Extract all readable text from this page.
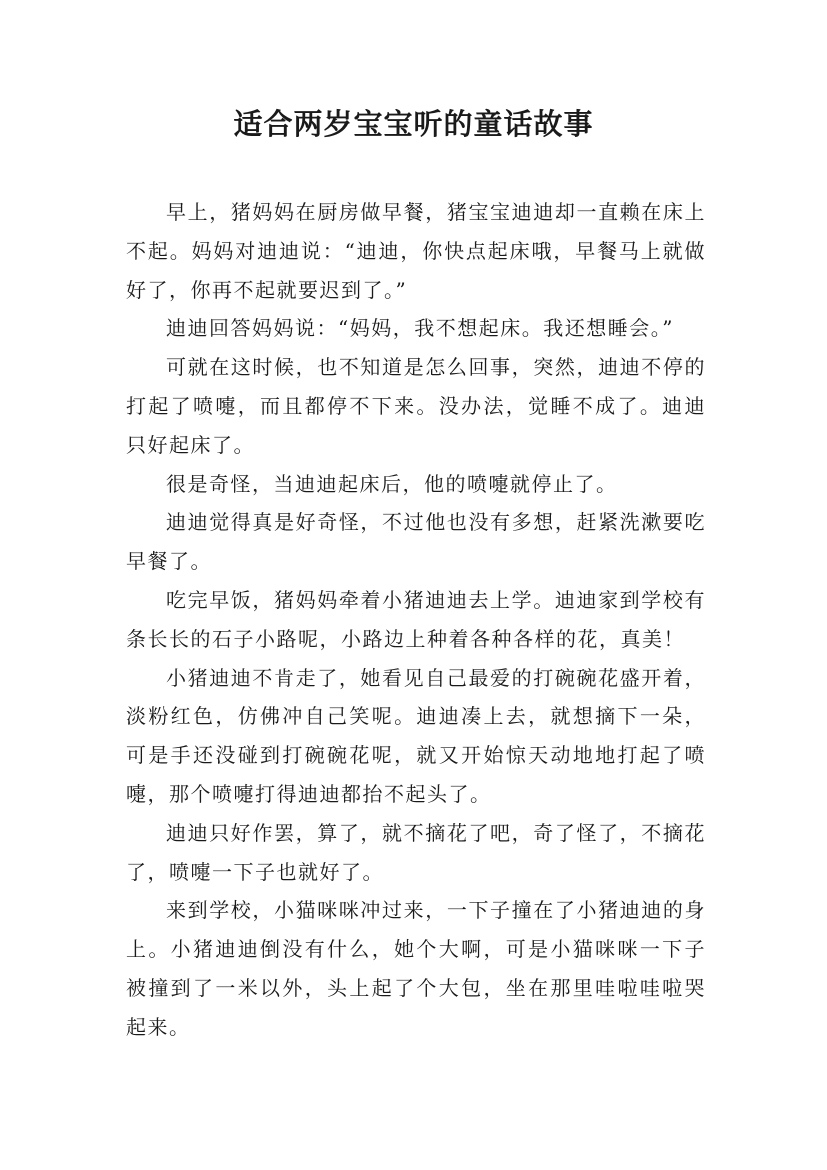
适合两岁宝宝听的童话故事

早上，猪妈妈在厨房做早餐，猪宝宝迪迪却一直赖在床上不起。妈妈对迪迪说：“迪迪，你快点起床哦，早餐马上就做好了，你再不起就要迟到了。”

迪迪回答妈妈说：“妈妈，我不想起床。我还想睡会。”

可就在这时候，也不知道是怎么回事，突然，迪迪不停的打起了喷嚏，而且都停不下来。没办法，觉睡不成了。迪迪只好起床了。

很是奇怪，当迪迪起床后，他的喷嚏就停止了。

迪迪觉得真是好奇怪，不过他也没有多想，赶紧洗漱要吃早餐了。

吃完早饭，猪妈妈牵着小猪迪迪去上学。迪迪家到学校有条长长的石子小路呢，小路边上种着各种各样的花，真美！

小猪迪迪不肯走了，她看见自己最爱的打碗碗花盛开着，淡粉红色，仿佛冲自己笑呢。迪迪凑上去，就想摘下一朵，可是手还没碰到打碗碗花呢，就又开始惊天动地地打起了喷嚏，那个喷嚏打得迪迪都抬不起头了。

迪迪只好作罢，算了，就不摘花了吧，奇了怪了，不摘花了，喷嚏一下子也就好了。

来到学校，小猫咪咪冲过来，一下子撞在了小猪迪迪的身上。小猪迪迪倒没有什么，她个大啊，可是小猫咪咪一下子被撞到了一米以外，头上起了个大包，坐在那里哇啦哇啦哭起来。
